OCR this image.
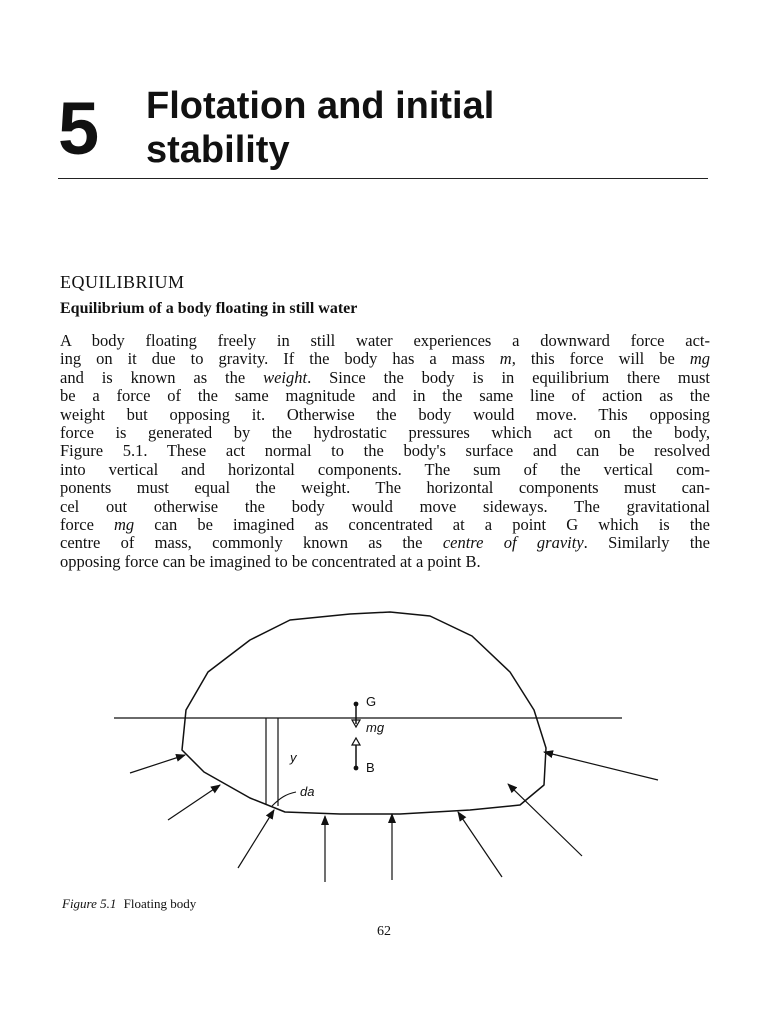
5 Flotation and initial
stability
EQUILIBRIUM
Equilibrium of a body floating in still water
A body floating freely in still water experiences a downward force act-
ing on it due to gravity. If the body has a mass m, this force will be mg
and is known as the weight. Since the body is in equilibrium there must
be a force of the same magnitude and in the same line of action as the
weight but opposing it. Otherwise the body would move. This opposing
force is generated by the hydrostatic pressures which act on the body,
Figure 5.1. These act normal to the body's surface and can be resolved
into vertical and horizontal components. The sum of the vertical com-
ponents must equal the weight. The horizontal components must can-
cel out otherwise the body would move sideways. The gravitational
force mg can be imagined as concentrated at a point G which is the
centre of mass, commonly known as the centre of gravity. Similarly the
opposing force can be imagined to be concentrated at a point B.
G
mg
B
y
da
Figure 5.1 Floating body
62
